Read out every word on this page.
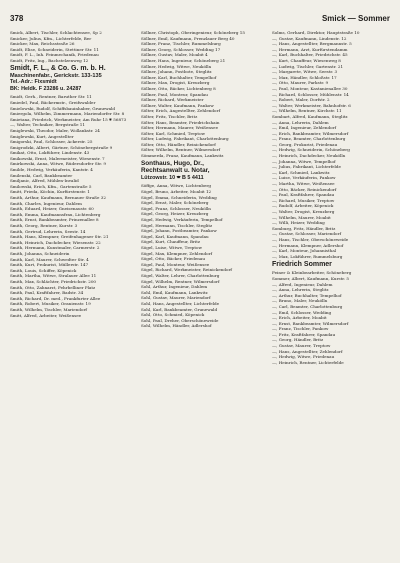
378	Smick — Sommer
Smick, Albert, Tischler, Schlachtensee, Sp 2
Smicker, Julius, Kfm., Lichterfelde, Ber
Smicker, Max, Reichsstraße 26
Smidt, Elise, Schneiderin, Stettiner Str. 11
Smidt, F. L., Inh. Feinmechanik, Friedenau
Smidt, Fritz, Ing., Bachstelzenweg 12
Smidt, F. L., & Co. G. m. b. H.
Maschinenfabr., Gerickstr. 133-135
Tel.-Adr.: Fixsmidt
BK: Heldk. F 23286 u. 24287
Smidt, Gerh., Rentner, Baruther Str. 11
Smiedel, Paul, Bäckermstr., Greifswalder
Smielowski, Rudolf, Schiffsbauinhaber, Grunewald
Smiergola, Wilhelm, Zimmermann, Mariendorfer Str. 8
Smietana, Friedrich, Werkmeister, Am Ruhr 15 🕿 56873
—, Walter, Techniker, Bergstraße 11
Smiglewski, Theodor, Maler, Wollankstr. 24
Smiglewski, Kurt, Angestellter
Smigorski, Paul, Schlosser, Ackerstr. 25
Smigrodzki, Albert, Gärtner, Schönebergstraße 9
Smikat, Otto, Lokführer, Lindenstr. 43
Smikowski, Ernst, Malermeister, Wiesenstr. 7
Smirkowski, Anna, Witwe, Rüdersdorfer Str. 9
Smilde, Hedwig, Verkäuferin, Kantstr. 4
Smilenski, Carl, Bankbeamter
Smiljanic, Alfred, Mühlen-Invalid
Smilowski, Erich, Kfm., Gartenstraße 5
Smitt, Frieda, Köchin, Kurfürstenstr. 1
Smith, Arthur, Kaufmann, Bernauer Straße 32
Smith, Charles, Ingenieur, Dahlem
Smith, Eduard, Heizer, Gneisenaustr. 60
Smith, Emma, Kaufmannsfrau, Lichtenberg
Smith, Ernst, Bankbeamter, Prinzenallee 8
Smith, Georg, Rentner, Kurstr. 3
Smith, Gertrud, Lehrerin, Seestr. 14
Smith, Hans, Klempner, Greifenhagener Str. 21
Smith, Heinrich, Dachdecker, Wiesenstr. 22
Smith, Hermann, Kunstmaler, Carmerstr. 2
Smith, Johanna, Schneiderin
Smith, Karl, Maurer, Schwedter Str. 4
Smith, Kurt, Prokurist, Müllerstr. 147
Smith, Louis, Schiffer, Köpenick
Smith, Martha, Witwe, Stralauer Allee 11
Smith, Max, Schlächter, Friedrichstr. 200
Smith, Otto, Zahnarzt, Fehrbelliner Platz
Smith, Paul, Kraftfahrer, Badstr. 34
Smith, Richard, Dr. med., Frankfurter Allee
Smith, Robert, Musiker, Oranienstr. 19
Smith, Wilhelm, Tischler, Mariendorf
Smitt, Alfred, Arbeiter, Weißensee
Söllner, Christoph, Oberingenieur, Schöneberg 15
Söllner, Emil, Kaufmann, Prenzlauer Berg 40
Söllner, Franz, Tischler, Rummelsburg
Söllner, Georg, Schlosser, Wedding 17
Söllner, Gustav, Maler, Moabit 4
Söllner, Hans, Ingenieur, Schöneberg 21
Söllner, Hedwig, Witwe, Neukölln
Söllner, Johann, Postbote, Steglitz
Söllner, Karl, Buchhalter, Tempelhof
Söllner, Max, Drogist, Kreuzberg
Söllner, Otto, Bäcker, Lichtenberg 8
Söllner, Paul, Monteur, Spandau
Söllner, Richard, Werkmeister
Söllner, Walter, Kaufmann, Pankow
Sölter, Erich, Angestellter, Zehlendorf
Sölter, Fritz, Tischler, Britz
Sölter, Hans, Beamter, Friedrichshain
Sölter, Hermann, Maurer, Weißensee
Sölter, Karl, Schmied, Treptow
Sölter, Ludwig, Fabrikant, Charlottenburg
Sölter, Otto, Händler, Reinickendorf
Sölter, Wilhelm, Rentner, Wilmersdorf
Sömmerda, Franz, Kaufmann, Lankwitz
Sonthaus, Hugo, Dr.,
Rechtsanwalt u. Notar,
Lützowstr. 10 🕿 B 5 4411
Söffge, Anna, Witwe, Lichtenberg
Sögel, Bruno, Arbeiter, Moabit 12
Sögel, Emma, Schneiderin, Wedding
Sögel, Ernst, Maler, Schöneberg
Sögel, Franz, Schlosser, Neukölln
Sögel, Georg, Heizer, Kreuzberg
Sögel, Hedwig, Verkäuferin, Tempelhof
Sögel, Hermann, Tischler, Steglitz
Sögel, Johann, Postbeamter, Pankow
Sögel, Karl, Kaufmann, Spandau
Sögel, Kurt, Chauffeur, Britz
Sögel, Luise, Witwe, Treptow
Sögel, Max, Klempner, Zehlendorf
Sögel, Otto, Bäcker, Friedenau
Sögel, Paul, Monteur, Weißensee
Sögel, Richard, Werkmeister, Reinickendorf
Sögel, Walter, Lehrer, Charlottenburg
Sögel, Wilhelm, Rentner, Wilmersdorf
Sohl, Arthur, Ingenieur, Dahlem
Sohl, Emil, Kaufmann, Lankwitz
Sohl, Gustav, Maurer, Mariendorf
Sohl, Hans, Angestellter, Lichterfelde
Sohl, Karl, Bankbeamter, Grunewald
Sohl, Otto, Schmied, Köpenick
Sohl, Paul, Dreher, Oberschöneweide
Sohl, Wilhelm, Händler, Adlershof
Solms, Gerhard, Direktor, Hauptstraße 10
—, Gustav, Kaufmann, Lindenstr. 12
—, Hans, Angestellter, Bergmannstr. 5
—, Hermann, Arzt, Kurfürstendamm
—, Karl, Buchhalter, Friedrichstr. 45
—, Kurt, Chauffeur, Wiesenweg 8
—, Ludwig, Tischler, Gartenstr. 21
—, Margarete, Witwe, Seestr. 3
—, Max, Händler, Schloßstr. 17
—, Otto, Maurer, Parkstr. 9
—, Paul, Monteur, Kastanienallee 30
—, Richard, Schlosser, Mühlenstr. 14
—, Robert, Maler, Dorfstr. 2
—, Walter, Werkmeister, Bahnhofstr. 6
—, Wilhelm, Rentner, Kirchstr. 11
Sombart, Alfred, Kaufmann, Steglitz
—, Anna, Lehrerin, Dahlem
—, Emil, Ingenieur, Zehlendorf
—, Erich, Bankbeamter, Wilmersdorf
—, Franz, Beamter, Charlottenburg
—, Georg, Prokurist, Friedenau
—, Hedwig, Schneiderin, Schöneberg
—, Heinrich, Dachdecker, Neukölln
—, Johanna, Witwe, Tempelhof
—, Julius, Fabrikant, Lichterfelde
—, Karl, Schmied, Lankwitz
—, Luise, Verkäuferin, Pankow
—, Martha, Witwe, Weißensee
—, Otto, Bäcker, Reinickendorf
—, Paul, Kraftfahrer, Spandau
—, Richard, Musiker, Treptow
—, Rudolf, Arbeiter, Köpenick
—, Walter, Drogist, Kreuzberg
—, Wilhelm, Maurer, Moabit
—, Willi, Heizer, Wedding
Somburg, Fritz, Händler, Britz
—, Gustav, Schlosser, Mariendorf
—, Hans, Tischler, Oberschöneweide
—, Hermann, Klempner, Adlershof
—, Karl, Monteur, Johannisthal
—, Max, Lokführer, Rummelsburg
Friedrich Sommer
Feiner & Kleinbearbeiter, Schöneberg
Sommer, Albert, Kaufmann, Kurstr. 5
—, Alfred, Ingenieur, Dahlem
—, Anna, Lehrerin, Steglitz
—, Arthur, Buchhalter, Tempelhof
—, Bruno, Maler, Neukölln
—, Carl, Beamter, Charlottenburg
—, Emil, Schlosser, Wedding
—, Erich, Arbeiter, Moabit
—, Ernst, Bankbeamter, Wilmersdorf
—, Franz, Tischler, Pankow
—, Fritz, Kraftfahrer, Spandau
—, Georg, Händler, Britz
—, Gustav, Maurer, Treptow
—, Hans, Angestellter, Zehlendorf
—, Hedwig, Witwe, Friedenau
—, Heinrich, Rentner, Lichterfelde
